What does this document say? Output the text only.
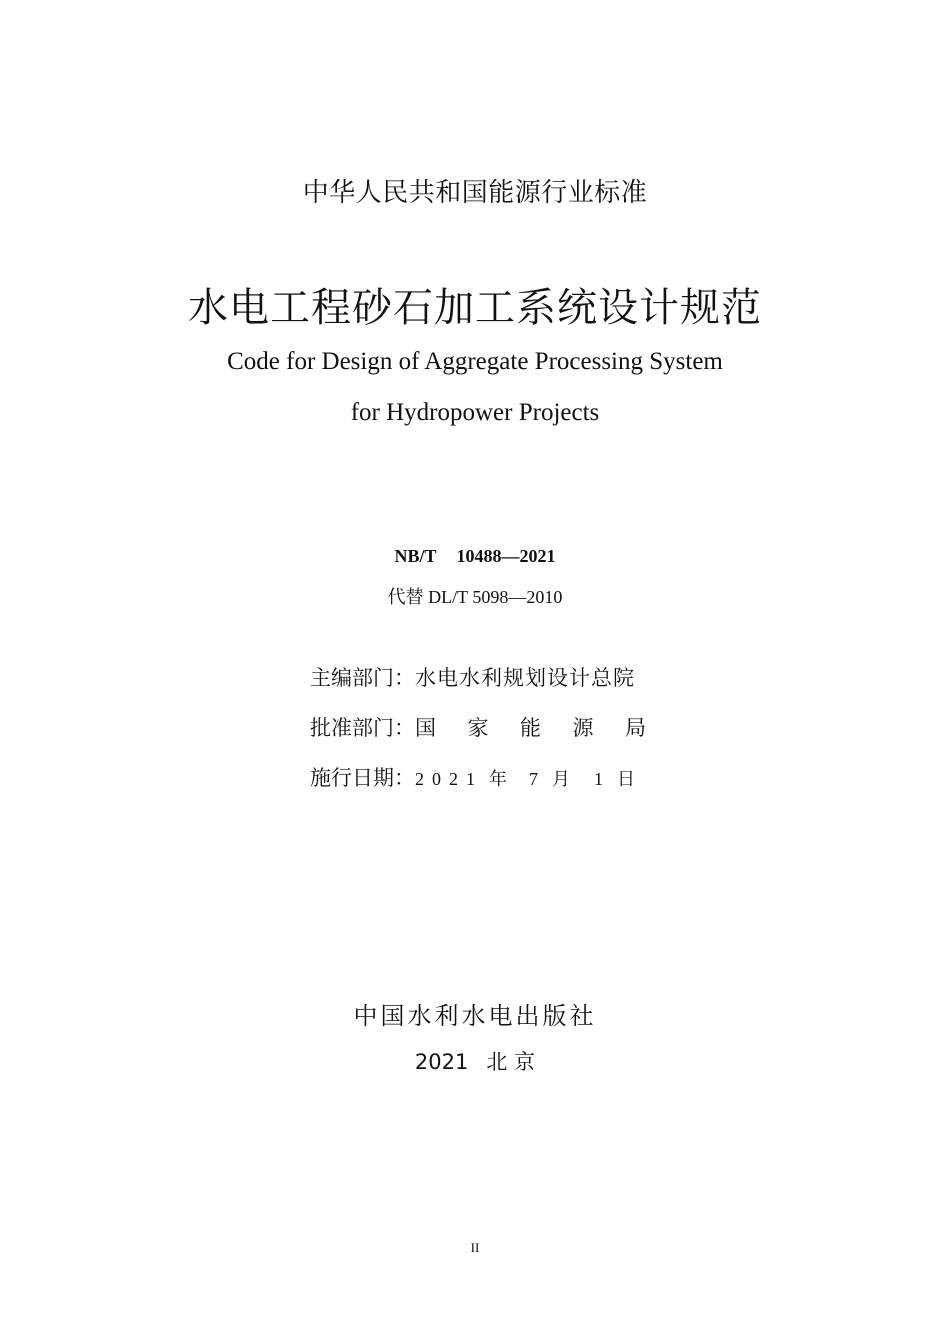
中华人民共和国能源行业标准
水电工程砂石加工系统设计规范
Code for Design of Aggregate Processing System
for Hydropower Projects
NB/T 10488—2021
代替 DL/T 5098—2010
主编部门： 水电水利规划设计总院
批准部门： 国 家 能 源 局
施行日期： 2021 年 7 月 1 日
中国水利水电出版社
2021 北 京
II
